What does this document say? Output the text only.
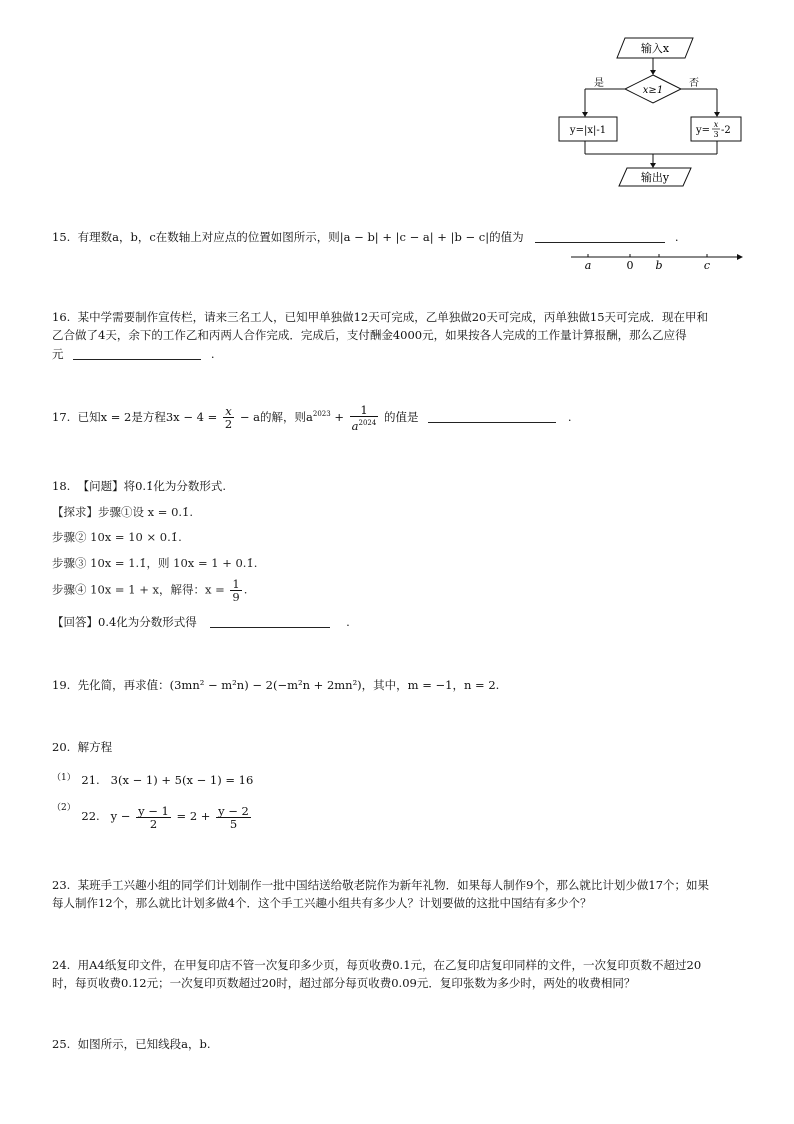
输入x
x≥1
是	否
y=|x|-1	y=
x
3 -2
输出y
15. 有理数a，b，c在数轴上对应点的位置如图所示，则|a − b| + |c − a| + |b − c|的值为	.
a	0 b	c
16. 某中学需要制作宣传栏，请来三名工人，已知甲单独做12天可完成，乙单独做20天可完成，丙单独做15天可完成．现在甲和
乙合做了4天，余下的工作乙和丙两人合作完成．完成后，支付酬金4000元，如果按各人完成的工作量计算报酬，那么乙应得
元	.
17. 已知x = 2是方程$3x - 4 = \frac{x}{2} - a$的解，则$a^{2023} + \frac{1}{a^{2024}}$ 的值是	.
18. 【问题】将0.1̇化为分数形式.
【探求】步骤①设 x = 0.1̇.
步骤② 10x = 10 × 0.1̇.
步骤③ 10x = 1.1̇，则 10x = 1 + 0.1̇.
步骤④ 10x = 1 + x，解得：$x = \frac{1}{9}$ .
【回答】0.4̇化为分数形式得	.
19. 先化简，再求值：(3mn² − m²n) − 2(−m²n + 2mn²)，其中，m = −1，n = 2.
20. 解方程
$^{(1)}$ 21. 3(x − 1) + 5(x − 1) = 16
$^{(2)}$ 22. $y - \frac{y - 1}{2} = 2 + \frac{y - 2}{5}$
23. 某班手工兴趣小组的同学们计划制作一批中国结送给敬老院作为新年礼物．如果每人制作9个，那么就比计划少做17个；如果
每人制作12个，那么就比计划多做4个．这个手工兴趣小组共有多少人？计划要做的这批中国结有多少个？
24. 用A4纸复印文件，在甲复印店不管一次复印多少页，每页收费0.1元，在乙复印店复印同样的文件，一次复印页数不超过20
时，每页收费0.12元；一次复印页数超过20时，超过部分每页收费0.09元．复印张数为多少时，两处的收费相同？
25. 如图所示，已知线段a，b.
